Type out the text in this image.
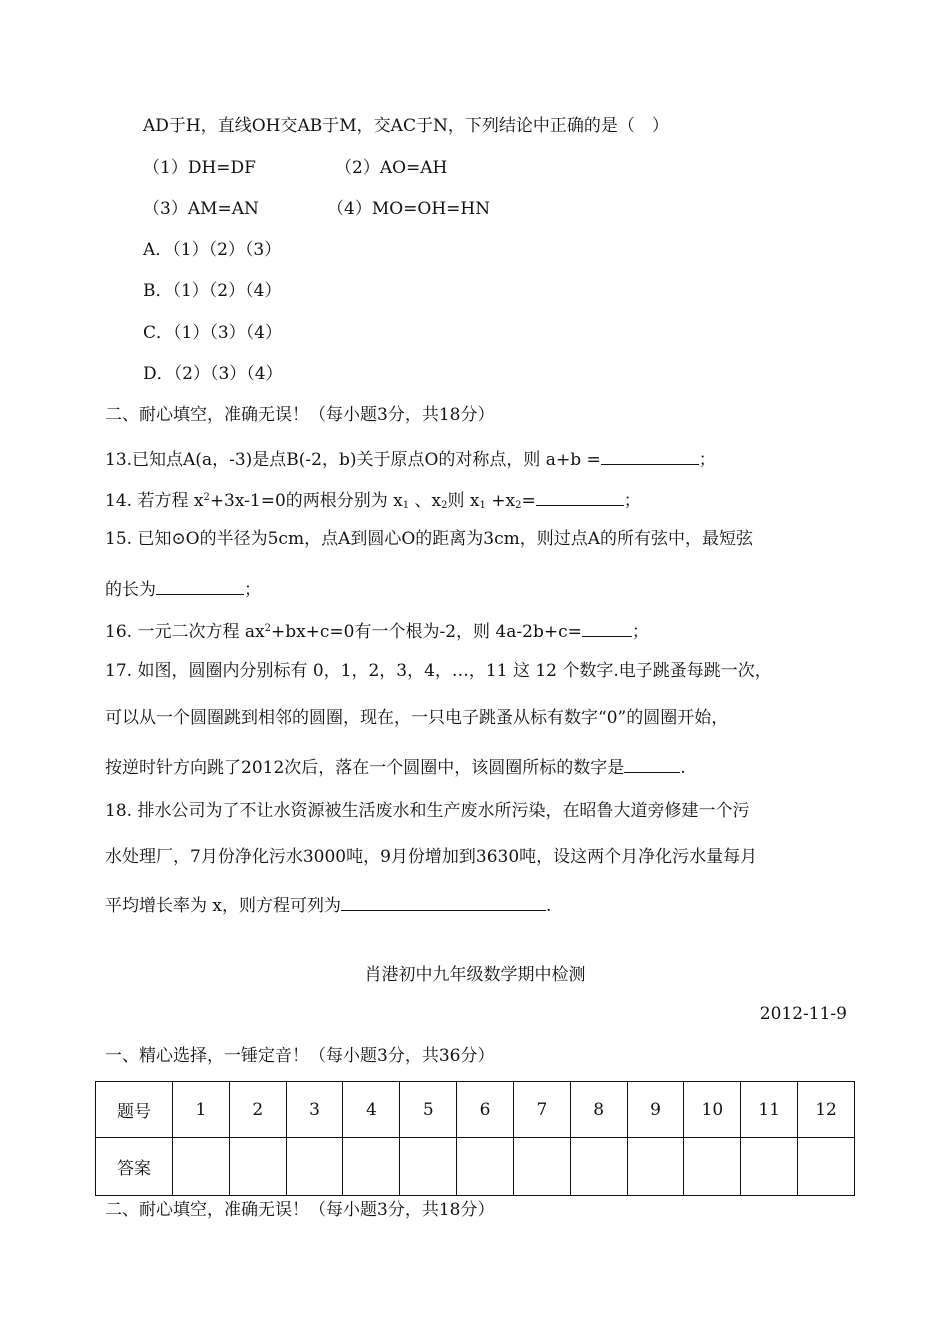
AD于H，直线OH交AB于M，交AC于N，下列结论中正确的是（　）
（1）DH=DF	（2）AO=AH
（3）AM=AN	（4）MO=OH=HN
A．（1）（2）（3）
B．（1）（2）（4）
C．（1）（3）（4）
D．（2）（3）（4）
二、耐心填空，准确无误！（每小题3分，共18分）
13.已知点A(a，-3)是点B(-2，b)关于原点O的对称点，则 a+b =	；
14. 若方程 $x^2+3x-1=0$的两根分别为 $x_1$ 、$x_2$则 $x_1 +x_2=$	；
15. 已知⊙O的半径为5cm，点A到圆心O的距离为3cm，则过点A的所有弦中，最短弦
的长为	；
16. 一元二次方程 $ax^2+bx+c=0$有一个根为-2，则 4a-2b+c=	；
17. 如图，圆圈内分别标有 0，1，2，3，4，…，11 这 12 个数字.电子跳蚤每跳一次，
可以从一个圆圈跳到相邻的圆圈，现在，一只电子跳蚤从标有数字“0”的圆圈开始，
按逆时针方向跳了2012次后，落在一个圆圈中，该圆圈所标的数字是	.
18. 排水公司为了不让水资源被生活废水和生产废水所污染，在昭鲁大道旁修建一个污
水处理厂，7月份净化污水3000吨，9月份增加到3630吨，设这两个月净化污水量每月
平均增长率为 x，则方程可列为	.
肖港初中九年级数学期中检测
2012-11-9
一、精心选择，一锤定音！（每小题3分，共36分）
题号	1	2	3	4	5	6	7	8	9	10	11	12
答案												
二、耐心填空，准确无误！（每小题3分，共18分）
